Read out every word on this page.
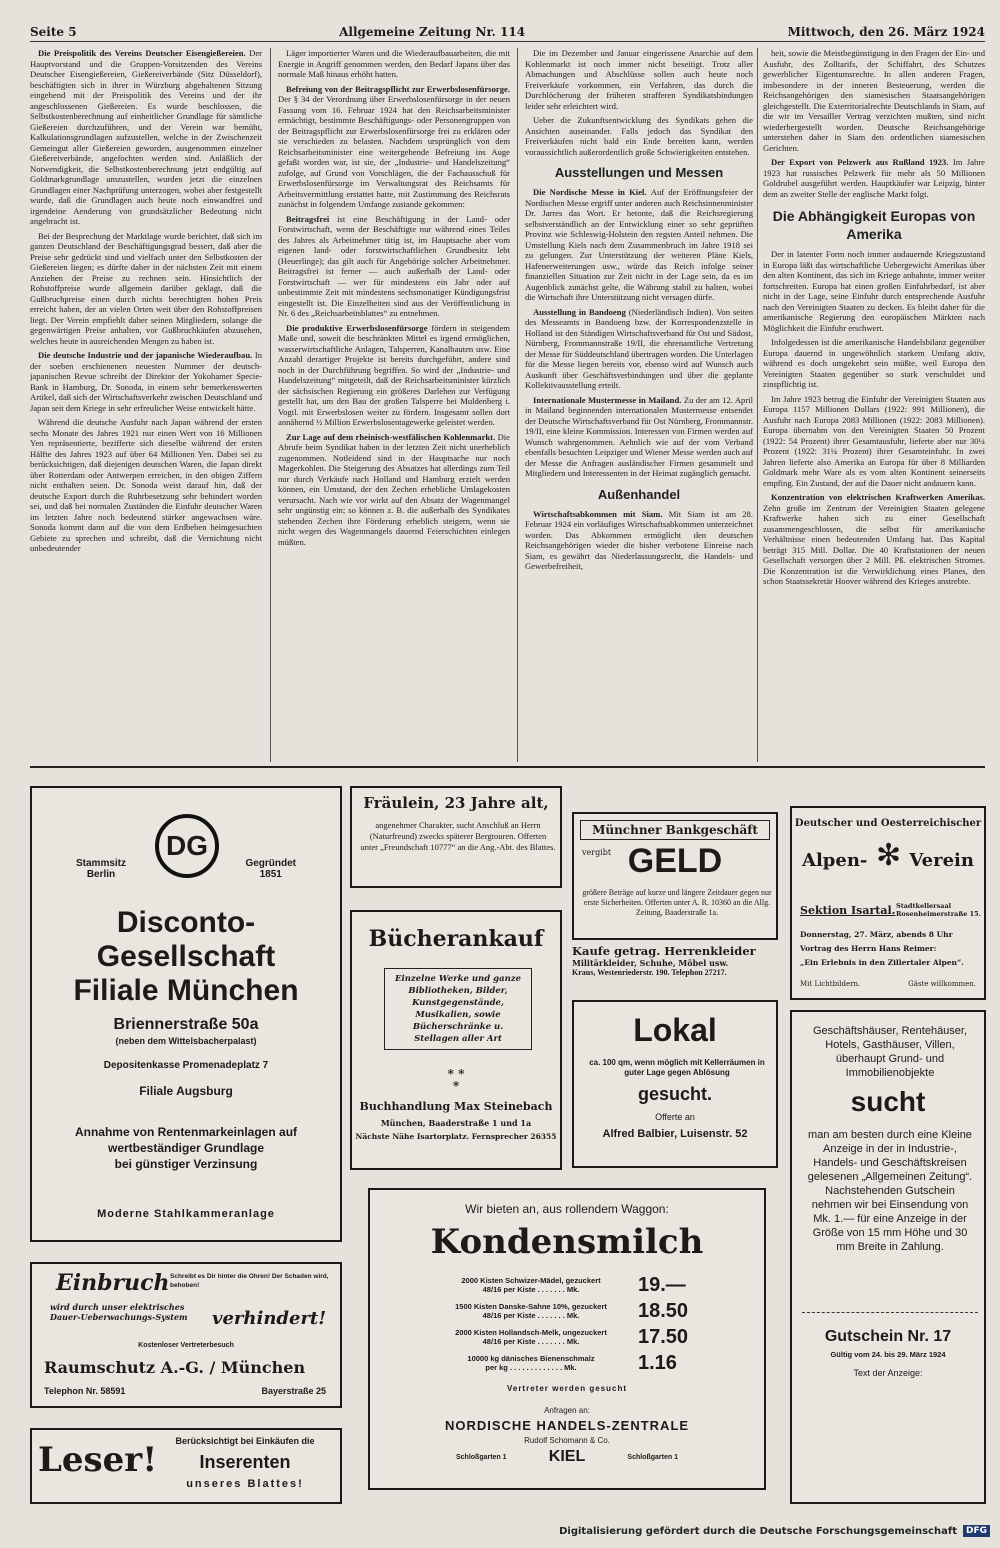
Seite 5	Allgemeine Zeitung Nr. 114	Mittwoch, den 26. März 1924

Die Preispolitik des Vereins Deutscher Eisengießereien. Der Hauptvorstand und die Gruppen-Vorsitzenden des Vereins Deutscher Eisengießereien, Gießereiverbände (Sitz Düsseldorf), beschäftigten sich in ihrer in Würzburg abgehaltenen Sitzung eingehend mit der Preispolitik des Vereins und der ihr angeschlossenen Gießereien. Es wurde beschlossen, die Selbstkostenberechnung auf einheitlicher Grundlage für sämtliche Gießereien durchzuführen, und der Verein war bemüht, Kalkulationsgrundlagen aufzustellen, welche in der Zwischenzeit Gemeingut aller Gießereien geworden, ausgenommen einzelner Gießereiverbände, angefochten werden sind. Anläßlich der Notwendigkeit, die Selbstkostenberechnung jetzt endgültig auf Goldmarkgrundlage umzustellen, wurden jetzt die einzelnen Grundlagen einer Nachprüfung unterzogen, wobei aber festgestellt wurde, daß die Grundlagen auch heute noch einwandfrei und irgendeine Aenderung von grundsätzlicher Bedeutung nicht angebracht ist.

Bei der Besprechung der Marktlage wurde berichtet, daß sich im ganzen Deutschland der Beschäftigungsgrad bessert, daß aber die Preise sehr gedrückt sind und vielfach unter den Selbstkosten der Gießereien liegen; es dürfte daher in der nächsten Zeit mit einem Anziehen der Preise zu rechnen sein. Hinsichtlich der Rohstoffpreise wurde allgemein darüber geklagt, daß die Gußbruchpreise einen durch nichts berechtigten hohen Preis erreicht haben, der an vielen Orten weit über den Rohstoffpreisen liegt. Der Verein empfiehlt daher seinen Mitgliedern, solange die gegenwärtigen Preise anhalten, vor Gußbruchkäufen abzusehen, welches heute in ausreichenden Mengen zu haben ist.

Die deutsche Industrie und der japanische Wiederaufbau. In der soeben erschienenen neuesten Nummer der deutsch-japanischen Revue schreibt der Direktor der Yokohamer Specie-Bank in Hamburg, Dr. Sonoda, in einem sehr bemerkenswerten Artikel, daß sich der Wirtschaftsverkehr zwischen Deutschland und Japan seit dem Kriege in sehr erfreulicher Weise entwickelt hätte.

Während die deutsche Ausfuhr nach Japan während der ersten sechs Monate des Jahres 1921 nur einen Wert von 16 Millionen Yen repräsentierte, bezifferte sich dieselbe während der ersten Hälfte des Jahres 1923 auf über 64 Millionen Yen. Dabei sei zu berücksichtigen, daß diejenigen deutschen Waren, die Japan direkt über Rotterdam oder Antwerpen erreichen, in den obigen Ziffern nicht enthalten seien. Dr. Sonoda weist darauf hin, daß der deutsche Export durch die Ruhrbesetzung sehr behindert worden sei, und daß bei normalen Zuständen die Einfuhr deutscher Waren im letzten Jahre noch bedeutend stärker angewachsen wäre. Sonoda kommt dann auf die von dem Erdbeben heimgesuchten Gebiete zu sprechen und schreibt, daß die Vernichtung nicht unbedeutender

Läger importierter Waren und die Wiederaufbauarbeiten, die mit Energie in Angriff genommen werden, den Bedarf Japans über das normale Maß hinaus erhöht hatten.

Befreiung von der Beitragspflicht zur Erwerbslosenfürsorge. Der § 34 der Verordnung über Erwerbslosenfürsorge in der neuen Fassung vom 16. Februar 1924 hat den Reichsarbeitsminister ermächtigt, bestimmte Beschäftigungs- oder Personengruppen von der Beitragspflicht zur Erwerbslosenfürsorge frei zu erklären oder sie verschieden zu belasten. Nachdem ursprünglich von dem Reichsarbeitsminister eine weitergehende Befreiung ins Auge gefaßt worden war, ist sie, der „Industrie- und Handelszeitung“ zufolge, auf Grund von Vorschlägen, die der Fachausschuß für Erwerbslosenfürsorge im Verwaltungsrat des Reichsamts für Arbeitsvermittlung erstattet hatte, mit Zustimmung des Reichsrats zunächst in folgendem Umfange zustande gekommen:

Beitragsfrei ist eine Beschäftigung in der Land- oder Forstwirtschaft, wenn der Beschäftigte nur während eines Teiles des Jahres als Arbeitnehmer tätig ist, im Hauptsache aber vom eigenen land- oder forstwirtschaftlichen Grundbesitz lebt (Heuerlinge); das gilt auch für Angehörige solcher Arbeitnehmer. Beitragsfrei ist ferner — auch außerhalb der Land- oder Forstwirtschaft — wer für mindestens ein Jahr oder auf unbestimmte Zeit mit mindestens sechsmonatiger Kündigungsfrist eingestellt ist. Die Einzelheiten sind aus der Veröffentlichung in Nr. 6 des „Reichsarbeitsblattes“ zu entnehmen.

Die produktive Erwerbslosenfürsorge fördern in steigendem Maße und, soweit die beschränkten Mittel es irgend ermöglichen, wasserwirtschaftliche Anlagen, Talsperren, Kanalbauten usw. Eine Anzahl derartiger Projekte ist bereits durchgeführt, andere sind noch in der Durchführung begriffen. So wird der „Industrie- und Handelszeitung“ mitgeteilt, daß der Reichsarbeitsminister kürzlich der sächsischen Regierung ein größeres Darlehen zur Verfügung gestellt hat, um den Bau der großen Talsperre bei Muldenberg i. Vogtl. mit Erwerbslosen weiter zu fördern. Insgesamt sollen dort annähernd ½ Million Erwerbslosentagewerke geleistet werden.

Zur Lage auf dem rheinisch-westfälischen Kohlenmarkt. Die Abrufe beim Syndikat haben in der letzten Zeit nicht unerheblich zugenommen. Notleidend sind in der Hauptsache nur noch Magerkohlen. Die Steigerung des Absatzes hat allerdings zum Teil nur durch Verkäufe nach Holland und Hamburg erzielt werden können, ein Umstand, der den Zechen erhebliche Umlagekosten verursacht. Nach wie vor wirkt auf den Absatz der Wagenmangel sehr ungünstig ein; so können z. B. die außerhalb des Syndikates stehenden Zechen ihre Förderung erheblich steigern, wenn sie nicht wegen des Wagenmangels dauernd Feierschichten einlegen müßten.

Die im Dezember und Januar eingerissene Anarchie auf dem Kohlenmarkt ist noch immer nicht beseitigt. Trotz aller Abmachungen und Abschlüsse sollen auch heute noch Freiverkäufe vorkommen, ein Verfahren, das durch die Durchlöcherung der früheren strafferen Syndikatsbindungen leider sehr erleichtert wird.

Ueber die Zukunftsentwicklung des Syndikats gehen die Ansichten auseinander. Falls jedoch das Syndikat den Freiverkäufen nicht bald ein Ende bereiten kann, werden voraussichtlich außerordentlich große Schwierigkeiten entstehen.

Ausstellungen und Messen

Die Nordische Messe in Kiel. Auf der Eröffnungsfeier der Nordischen Messe ergriff unter anderen auch Reichsinnenminister Dr. Jarres das Wort. Er betonte, daß die Reichsregierung selbstverständlich an der Entwicklung einer so sehr geprüften Provinz wie Schleswig-Holstein den regsten Anteil nehmen. Die Umstellung Kiels nach dem Zusammenbruch im Jahre 1918 sei zu gelungen. Zur Unterstützung der weiteren Pläne Kiels, Hafenerweiterungen usw., würde das Reich infolge seiner finanziellen Situation zur Zeit nicht in der Lage sein, da es im Augenblick zunächst gelte, die Währung stabil zu halten, wobei die Wirtschaft ihre Unterstützung nicht versagen dürfe.

Ausstellung in Bandoeng (Niederländisch Indien). Von seiten des Messeamts in Bandoeng bzw. der Korrespondenzstelle in Holland ist den Ständigen Wirtschaftsverband für Ost und Südost, Nürnberg, Frommannstraße 19/II, die ehrenamtliche Vertretung der Messe für Süddeutschland übertragen worden. Die Unterlagen für die Messe liegen bereits vor, ebenso wird auf Wunsch auch Auskunft über Geschäftsverbindungen und über die geplante Kollektivausstellung erteilt.

Internationale Mustermesse in Mailand. Zu der am 12. April in Mailand beginnenden internationalen Mustermesse entsendet der Deutsche Wirtschaftsverband für Ost Nürnberg, Frommannstr. 19/II, eine kleine Kommission. Interessen von Firmen werden auf Wunsch wahrgenommen. Aehnlich wie auf der vom Verband ebenfalls besuchten Leipziger und Wiener Messe werden auch auf der Messe die Anfragen ausländischer Firmen gesammelt und Mitgliedern und Interessenten in der Heimat zugänglich gemacht.

Außenhandel

Wirtschaftsabkommen mit Siam. Mit Siam ist am 28. Februar 1924 ein vorläufiges Wirtschaftsabkommen unterzeichnet worden. Das Abkommen ermöglicht den deutschen Reichsangehörigen wieder die bisher verbotene Einreise nach Siam, es gewährt das Niederlassungsrecht, die Handels- und Gewerbefreiheit,

heit, sowie die Meistbegünstigung in den Fragen der Ein- und Ausfuhr, des Zolltarifs, der Schiffahrt, des Schutzes gewerblicher Eigentumsrechte. In allen anderen Fragen, insbesondere in der inneren Besteuerung, werden die Reichsangehörigen den siamesischen Staatsangehörigen gleichgestellt. Die Exterritorialrechte Deutschlands in Siam, auf die wir im Versailler Vertrag verzichten mußten, sind nicht wiederhergestellt worden. Deutsche Reichsangehörige unterstehen daher in Siam den ordentlichen siamesischen Gerichten.

Der Export von Pelzwerk aus Rußland 1923. Im Jahre 1923 hat russisches Pelzwerk für mehr als 50 Millionen Goldrubel ausgeführt werden. Hauptkäufer war Leipzig, hinter dem an zweiter Stelle der englische Markt folgt.

Die Abhängigkeit Europas von Amerika

Der in latenter Form noch immer andauernde Kriegszustand in Europa läßt das wirtschaftliche Uebergewicht Amerikas über den alten Kontinent, das sich im Kriege anbahnte, immer weiter fortschreiten. Europa hat einen großen Einfuhrbedarf, ist aber nicht in der Lage, seine Einfuhr durch entsprechende Ausfuhr nach den Vereinigten Staaten zu decken. Es bleibt daher für die amerikanische Regierung den europäischen Märkten nach Möglichkeit die Einfuhr erschwert.

Infolgedessen ist die amerikanische Handelsbilanz gegenüber Europa dauernd in ungewöhnlich starkem Umfang aktiv, während es doch umgekehrt sein müßte, weil Europa den Vereinigten Staaten gegenüber so stark verschuldet und zinspflichtig ist.

Im Jahre 1923 betrug die Einfuhr der Vereinigten Staaten aus Europa 1157 Millionen Dollars (1922: 991 Millionen), die Ausfuhr nach Europa 2083 Millionen (1922: 2083 Millionen). Europa übernahm von den Vereinigten Staaten 50 Prozent (1922: 54 Prozent) ihrer Gesamtausfuhr, lieferte aber nur 30¼ Prozent (1922: 31¼ Prozent) ihrer Gesamteinfuhr. In zwei Jahren lieferte also Amerika an Europa für über 8 Milliarden Goldmark mehr Ware als es vom alten Kontinent seinerseits empfing. Ein Zustand, der auf die Dauer nicht andauern kann.

Konzentration von elektrischen Kraftwerken Amerikas. Zehn große im Zentrum der Vereinigten Staaten gelegene Kraftwerke haben sich zu einer Gesellschaft zusammengeschlossen, die selbst für amerikanische Verhältnisse einen bedeutenden Umfang hat. Das Kapital beträgt 315 Mill. Dollar. Die 40 Kraftstationen der neuen Gesellschaft versorgen über 2 Mill. Pß. elektrischen Stromes. Die Konzentration ist die Verwirklichung eines Planes, den schon Staatssekretär Hoover während des Krieges anstrebte.

DG
Stammsitz
Berlin
Gegründet
1851
Disconto-
Gesellschaft
Filiale München
Briennerstraße 50a
(neben dem Wittelsbacherpalast)
Depositenkasse Promenadeplatz 7
Filiale Augsburg
Annahme von Rentenmarkeinlagen auf
wertbeständiger Grundlage
bei günstiger Verzinsung
Moderne Stahlkammeranlage
Einbruch Schreibt es Dir hinter die Ohren! Der Schaden wird, behoben!
wird durch unser elektrisches
Dauer-Ueberwachungs-System verhindert!
Kostenloser Vertreterbesuch
Raumschutz A.-G. / München
Telephon Nr. 58591	Bayerstraße 25
Leser!	Berücksichtigt bei Einkäufen die
Inserenten
unseres Blattes!
Fräulein, 23 Jahre alt,
angenehmer Charakter, sucht Anschluß an Herrn (Naturfreund) zwecks späterer Bergtouren. Offerten unter „Freundschaft 10777“ an die Ang.-Abt. des Blattes.
Bücherankauf
Einzelne Werke und ganze Bibliotheken, Bilder, Kunstgegenstände, Musikalien, sowie Bücherschränke u. Stellagen aller Art
* *
*
Buchhandlung Max Steinebach
München, Baaderstraße 1 und 1a
Nächste Nähe Isartorplatz. Fernsprecher 26355
Münchner Bankgeschäft
vergibt GELD
größere Beträge auf kurze und längere Zeitdauer gegen nur erste Sicherheiten. Offerten unter A. R. 10360 an die Allg. Zeitung, Baaderstraße 1a.
Kaufe getrag. Herrenkleider
Militärkleider, Schuhe, Möbel usw.
Kraus, Westenriederstr. 190. Telephon 27217.
Lokal
ca. 100 qm, wenn möglich mit Kellerräumen in guter Lage gegen Ablösung
gesucht.
Offerte an
Alfred Balbier, Luisenstr. 52
Deutscher und Oesterreichischer
Alpen- ✻ Verein
Sektion Isartal. Stadtkellersaal Rosenheimerstraße 15.
Donnerstag, 27. März, abends 8 Uhr
Vortrag des Herrn Hans Reimer:
„Ein Erlebnis in den Zillertaler Alpen“.
Mit Lichtbildern.	Gäste willkommen.
Geschäftshäuser, Rentehäuser, Hotels, Gasthäuser, Villen, überhaupt Grund- und Immobilienobjekte
sucht
man am besten durch eine Kleine Anzeige in der in Industrie-, Handels- und Geschäftskreisen gelesenen „Allgemeinen Zeitung“. Nachstehenden Gutschein nehmen wir bei Einsendung von Mk. 1.— für eine Anzeige in der Größe von 15 mm Höhe und 30 mm Breite in Zahlung.
Gutschein Nr. 17
Gültig vom 24. bis 29. März 1924
Text der Anzeige:
Wir bieten an, aus rollendem Waggon:
Kondensmilch
2000 Kisten Schwizer-Mädel, gezuckert
48/16 per Kiste . . . . . . . Mk.	19.—
1500 Kisten Danske-Sahne 10%, gezuckert
48/16 per Kiste . . . . . . . Mk.	18.50
2000 Kisten Hollandsch-Melk, ungezuckert
48/16 per Kiste . . . . . . . Mk.	17.50
10000 kg dänisches Bienenschmalz
per kg . . . . . . . . . . . . . Mk.	1.16
Vertreter werden gesucht
Anfragen an:
NORDISCHE HANDELS-ZENTRALE
Rudolf Schomann & Co.
Schloßgarten 1	KIEL	Schloßgarten 1
Digitalisierung gefördert durch die Deutsche Forschungsgemeinschaft	DFG
